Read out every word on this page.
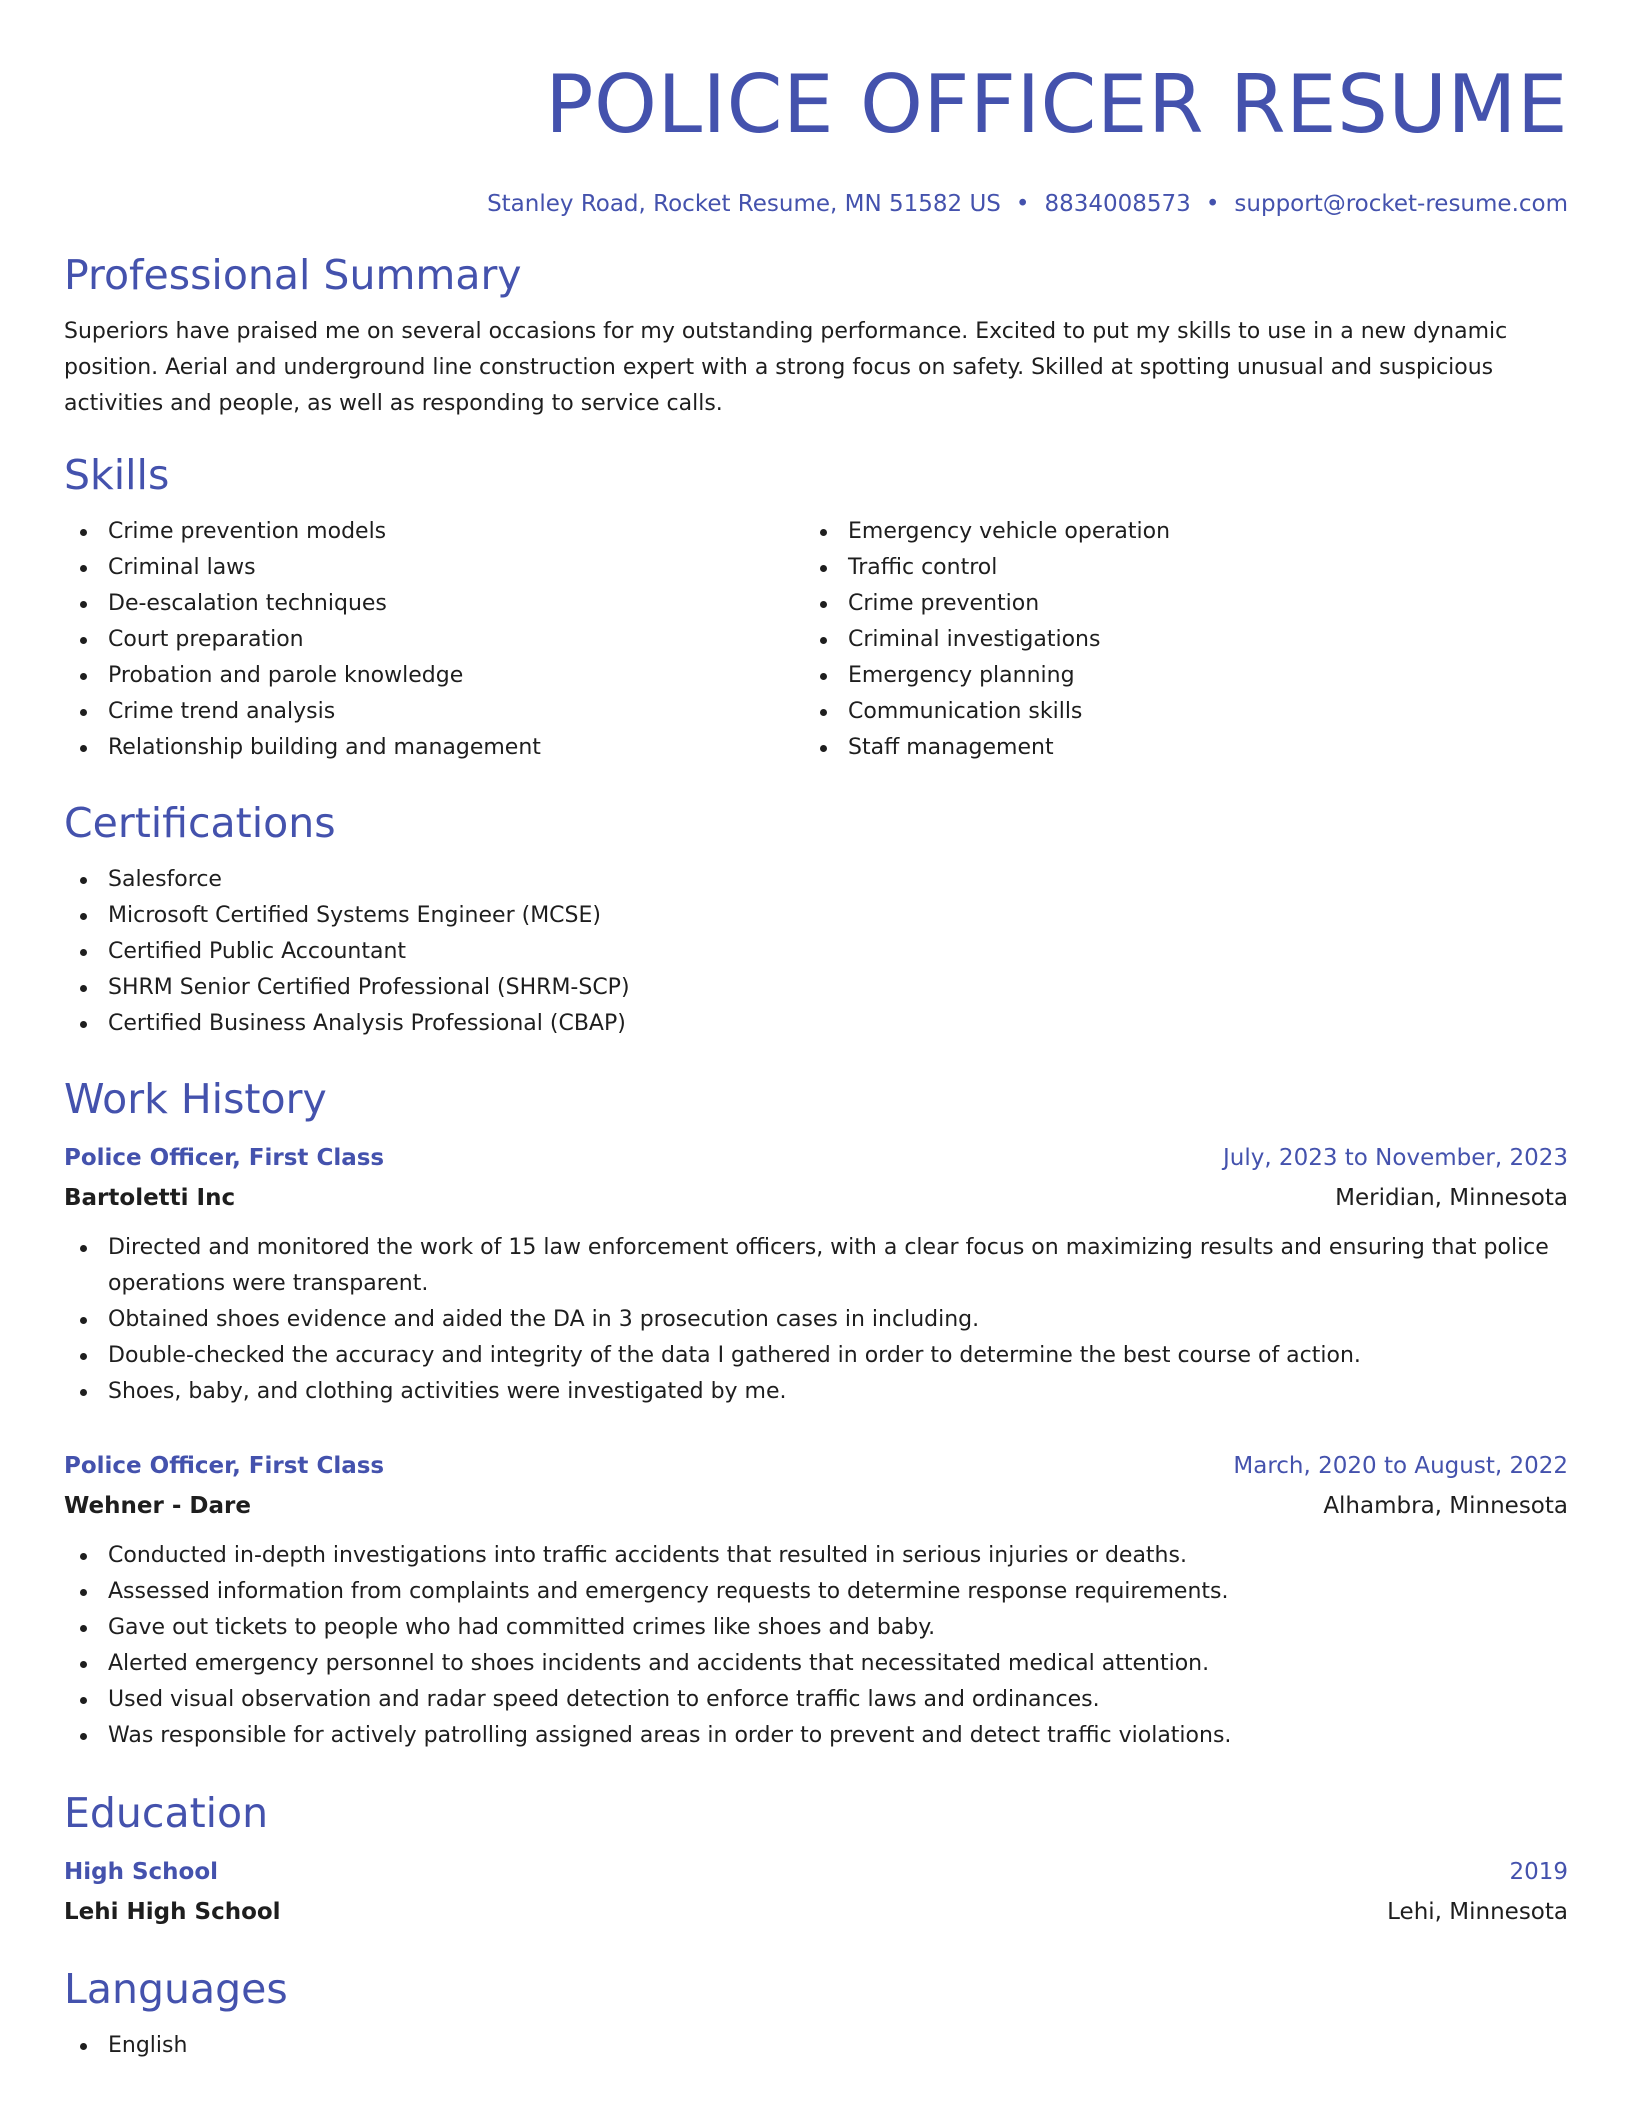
POLICE OFFICER RESUME
Stanley Road, Rocket Resume, MN 51582 US • 8834008573 • support@rocket-resume.com
Professional Summary

Superiors have praised me on several occasions for my outstanding performance. Excited to put my skills to use in a new dynamic position. Aerial and underground line construction expert with a strong focus on safety. Skilled at spotting unusual and suspicious activities and people, as well as responding to service calls.

Skills
Crime prevention models
Criminal laws
De-escalation techniques
Court preparation
Probation and parole knowledge
Crime trend analysis
Relationship building and management
Emergency vehicle operation
Traffic control
Crime prevention
Criminal investigations
Emergency planning
Communication skills
Staff management
Certifications
Salesforce
Microsoft Certified Systems Engineer (MCSE)
Certified Public Accountant
SHRM Senior Certified Professional (SHRM-SCP)
Certified Business Analysis Professional (CBAP)
Work History
Police Officer, First Class	July, 2023 to November, 2023
Bartoletti Inc	Meridian, Minnesota
Directed and monitored the work of 15 law enforcement officers, with a clear focus on maximizing results and ensuring that police operations were transparent.
Obtained shoes evidence and aided the DA in 3 prosecution cases in including.
Double-checked the accuracy and integrity of the data I gathered in order to determine the best course of action.
Shoes, baby, and clothing activities were investigated by me.
Police Officer, First Class	March, 2020 to August, 2022
Wehner - Dare	Alhambra, Minnesota
Conducted in-depth investigations into traffic accidents that resulted in serious injuries or deaths.
Assessed information from complaints and emergency requests to determine response requirements.
Gave out tickets to people who had committed crimes like shoes and baby.
Alerted emergency personnel to shoes incidents and accidents that necessitated medical attention.
Used visual observation and radar speed detection to enforce traffic laws and ordinances.
Was responsible for actively patrolling assigned areas in order to prevent and detect traffic violations.
Education
High School	2019
Lehi High School	Lehi, Minnesota
Languages
English
